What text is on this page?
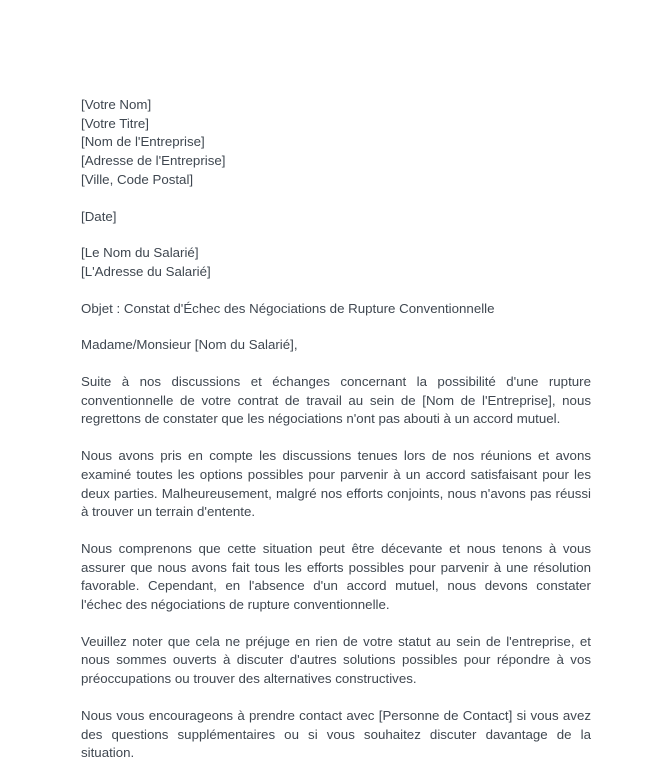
[Votre Nom]
[Votre Titre]
[Nom de l'Entreprise]
[Adresse de l'Entreprise]
[Ville, Code Postal]
[Date]
[Le Nom du Salarié]
[L'Adresse du Salarié]
Objet : Constat d'Échec des Négociations de Rupture Conventionnelle
Madame/Monsieur [Nom du Salarié],

Suite à nos discussions et échanges concernant la possibilité d'une rupture conventionnelle de votre contrat de travail au sein de [Nom de l'Entreprise], nous regrettons de constater que les négociations n'ont pas abouti à un accord mutuel.

Nous avons pris en compte les discussions tenues lors de nos réunions et avons examiné toutes les options possibles pour parvenir à un accord satisfaisant pour les deux parties. Malheureusement, malgré nos efforts conjoints, nous n'avons pas réussi à trouver un terrain d'entente.

Nous comprenons que cette situation peut être décevante et nous tenons à vous assurer que nous avons fait tous les efforts possibles pour parvenir à une résolution favorable. Cependant, en l'absence d'un accord mutuel, nous devons constater l'échec des négociations de rupture conventionnelle.

Veuillez noter que cela ne préjuge en rien de votre statut au sein de l'entreprise, et nous sommes ouverts à discuter d'autres solutions possibles pour répondre à vos préoccupations ou trouver des alternatives constructives.

Nous vous encourageons à prendre contact avec [Personne de Contact] si vous avez des questions supplémentaires ou si vous souhaitez discuter davantage de la situation.
